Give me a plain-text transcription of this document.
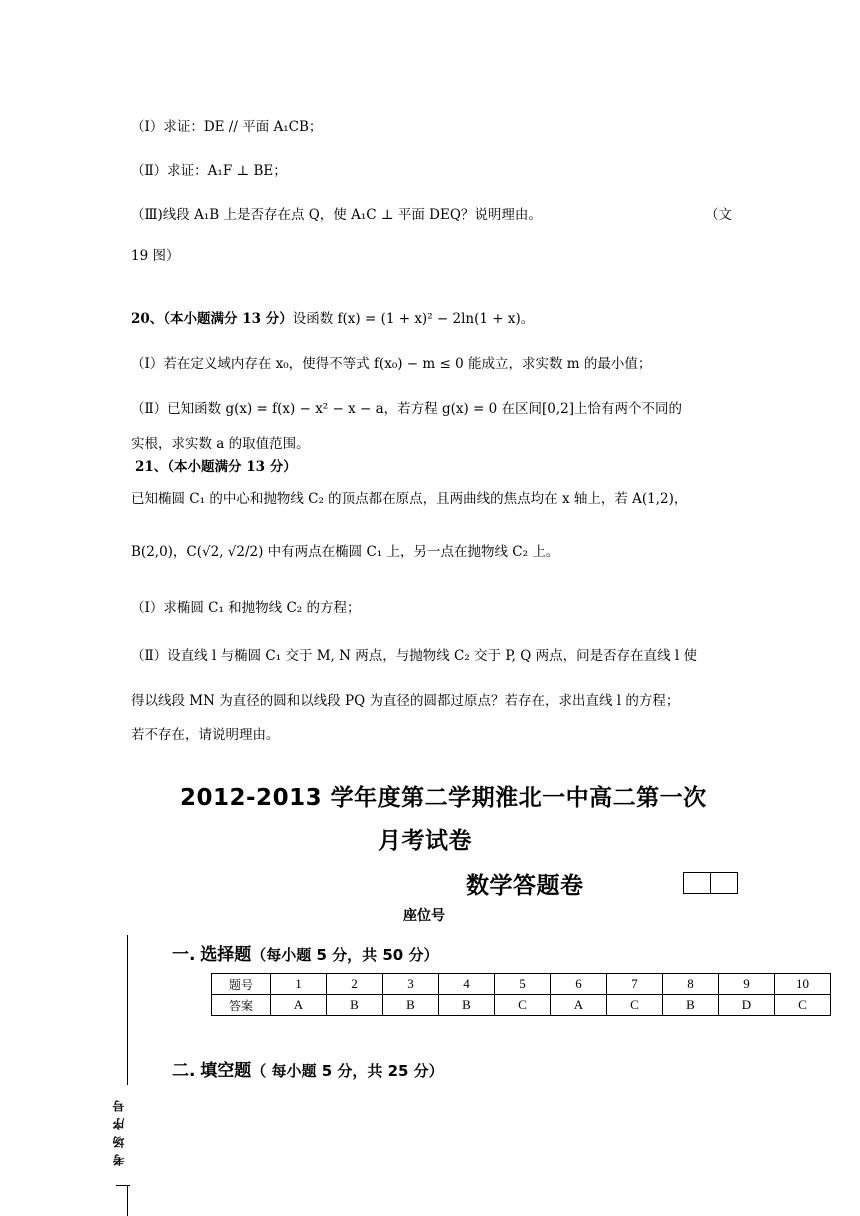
（Ⅰ）求证：DE // 平面 A₁CB；
（Ⅱ）求证：A₁F ⊥ BE；
（Ⅲ)线段 A₁B 上是否存在点 Q，使 A₁C ⊥ 平面 DEQ？说明理由。	（文
19 图）
20、（本小题满分 13 分）设函数 f(x) = (1 + x)² − 2ln(1 + x)。
（Ⅰ）若在定义域内存在 x₀，使得不等式 f(x₀) − m ≤ 0 能成立，求实数 m 的最小值；
（Ⅱ）已知函数 g(x) = f(x) − x² − x − a，若方程 g(x) = 0 在区间[0,2]上恰有两个不同的
实根，求实数 a 的取值范围。
21、（本小题满分 13 分）
已知椭圆 C₁ 的中心和抛物线 C₂ 的顶点都在原点，且两曲线的焦点均在 x 轴上，若 A(1,2)，
B(2,0)，C(√2, √2/2) 中有两点在椭圆 C₁ 上，另一点在抛物线 C₂ 上。
（Ⅰ）求椭圆 C₁ 和抛物线 C₂ 的方程；
（Ⅱ）设直线 l 与椭圆 C₁ 交于 M, N 两点，与抛物线 C₂ 交于 P, Q 两点，问是否存在直线 l 使
得以线段 MN 为直径的圆和以线段 PQ 为直径的圆都过原点？若存在，求出直线 l 的方程；
若不存在，请说明理由。
2012-2013 学年度第二学期淮北一中高二第一次
月考试卷
数学答题卷
座位号
一. 选择题（每小题 5 分，共 50 分）
题号	1	2	3	4	5	6	7	8	9	10
答案	A	B	B	B	C	A	C	B	D	C
二. 填空题（ 每小题 5 分，共 25 分）
考场序号
